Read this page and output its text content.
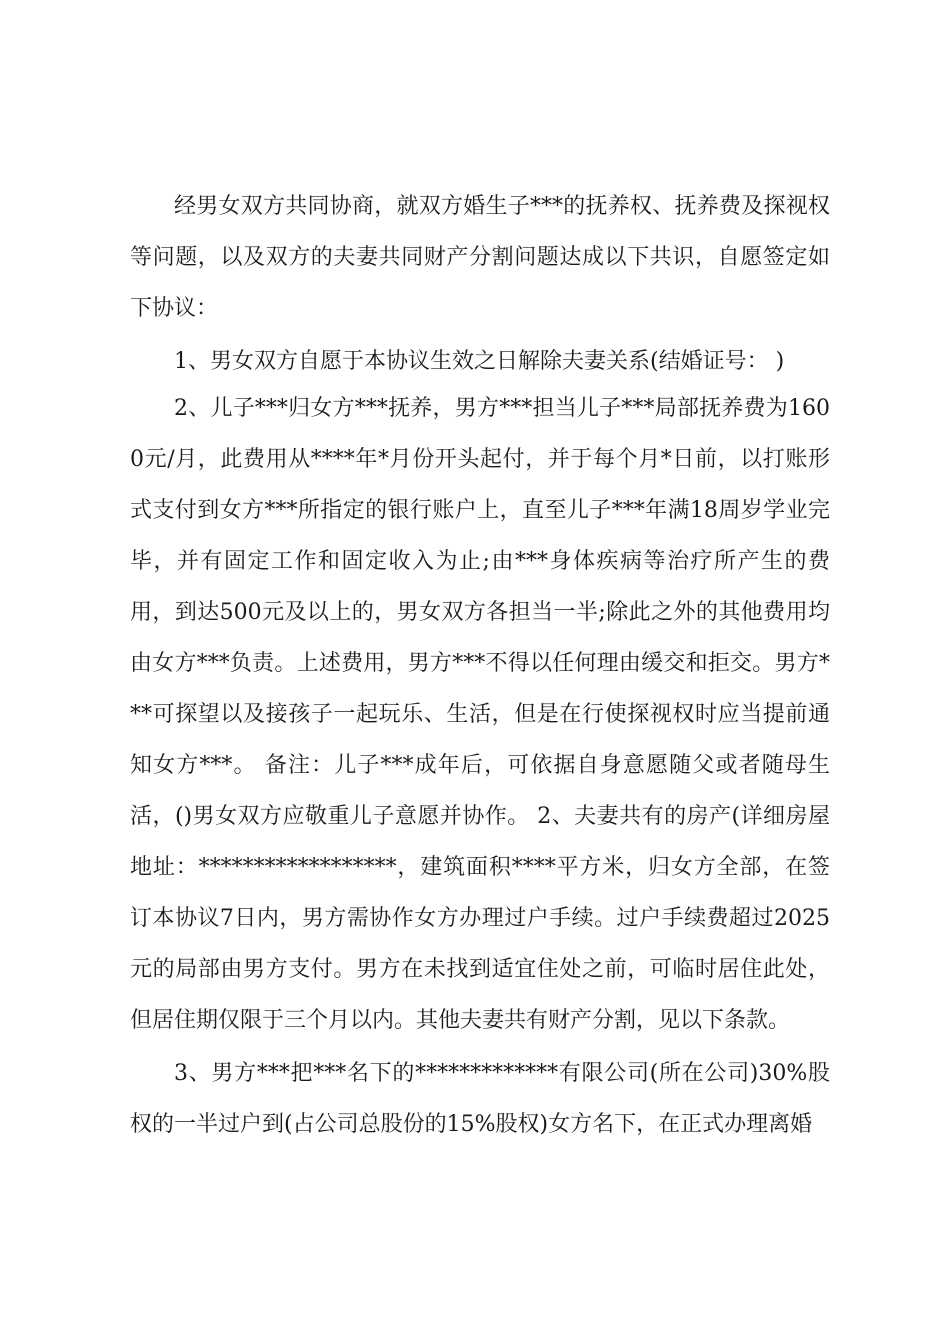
经男女双方共同协商，就双方婚生子***的抚养权、抚养费及探视权等问题，以及双方的夫妻共同财产分割问题达成以下共识，自愿签定如下协议：

1、男女双方自愿于本协议生效之日解除夫妻关系(结婚证号： )

2、儿子***归女方***抚养，男方***担当儿子***局部抚养费为1600元/月，此费用从****年*月份开头起付，并于每个月*日前，以打账形式支付到女方***所指定的银行账户上，直至儿子***年满18周岁学业完毕，并有固定工作和固定收入为止;由***身体疾病等治疗所产生的费用，到达500元及以上的，男女双方各担当一半;除此之外的其他费用均由女方***负责。上述费用，男方***不得以任何理由缓交和拒交。男方***可探望以及接孩子一起玩乐、生活，但是在行使探视权时应当提前通知女方***。 备注：儿子***成年后，可依据自身意愿随父或者随母生活，()男女双方应敬重儿子意愿并协作。 2、夫妻共有的房产(详细房屋地址：******************，建筑面积****平方米，归女方全部，在签订本协议7日内，男方需协作女方办理过户手续。过户手续费超过2025元的局部由男方支付。男方在未找到适宜住处之前，可临时居住此处，但居住期仅限于三个月以内。其他夫妻共有财产分割，见以下条款。

3、男方***把***名下的*************有限公司(所在公司)30%股权的一半过户到(占公司总股份的15%股权)女方名下，在正式办理离婚
